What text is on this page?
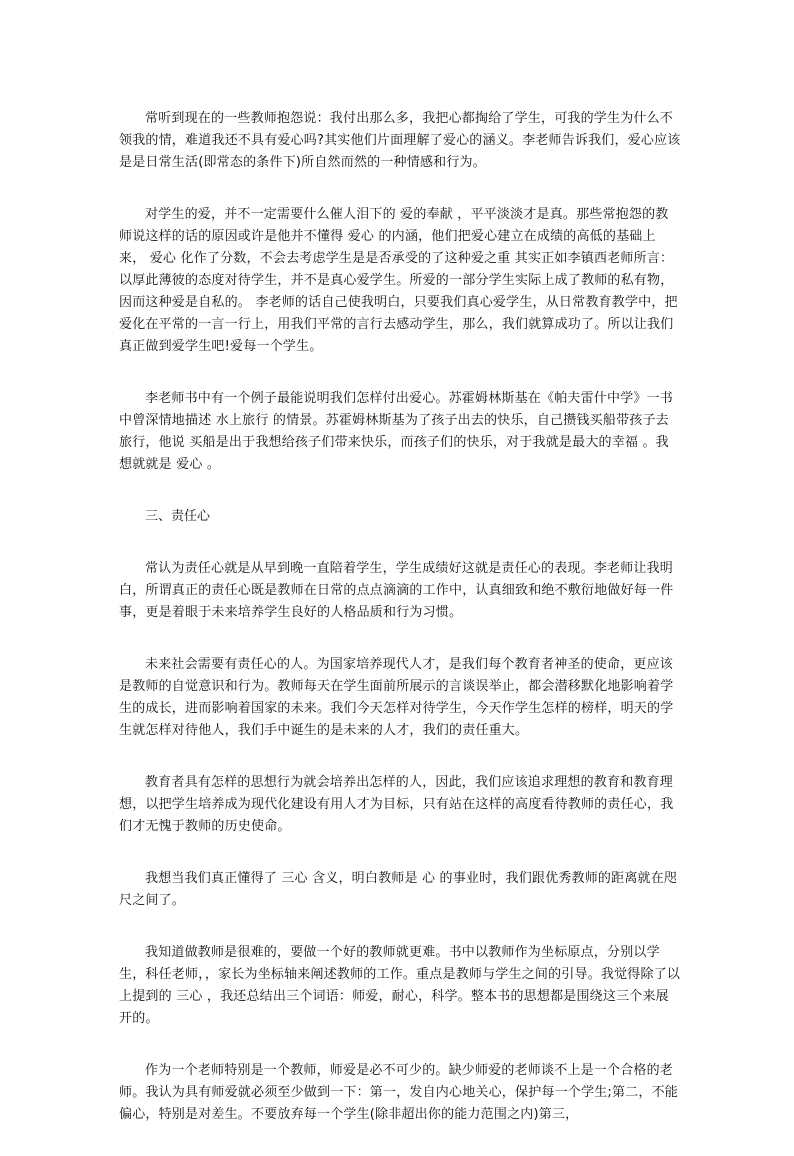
常听到现在的一些教师抱怨说：我付出那么多，我把心都掏给了学生，可我的学生为什么不领我的情，难道我还不具有爱心吗?其实他们片面理解了爱心的涵义。李老师告诉我们，爱心应该是是日常生活(即常态的条件下)所自然而然的一种情感和行为。

对学生的爱，并不一定需要什么催人泪下的 爱的奉献 ，平平淡淡才是真。那些常抱怨的教师说这样的话的原因或许是他并不懂得 爱心 的内涵，他们把爱心建立在成绩的高低的基础上来， 爱心 化作了分数，不会去考虑学生是是否承受的了这种爱之重 其实正如李镇西老师所言： 以厚此薄彼的态度对待学生，并不是真心爱学生。所爱的一部分学生实际上成了教师的私有物，因而这种爱是自私的。 李老师的话自己使我明白，只要我们真心爱学生，从日常教育教学中，把爱化在平常的一言一行上，用我们平常的言行去感动学生，那么，我们就算成功了。所以让我们真正做到爱学生吧!爱每一个学生。

李老师书中有一个例子最能说明我们怎样付出爱心。苏霍姆林斯基在《帕夫雷什中学》一书中曾深情地描述 水上旅行 的情景。苏霍姆林斯基为了孩子出去的快乐，自己攒钱买船带孩子去旅行，他说 买船是出于我想给孩子们带来快乐，而孩子们的快乐，对于我就是最大的幸福 。我想就就是 爱心 。

三、责任心

常认为责任心就是从早到晚一直陪着学生，学生成绩好这就是责任心的表现。李老师让我明白，所谓真正的责任心既是教师在日常的点点滴滴的工作中，认真细致和绝不敷衍地做好每一件事，更是着眼于未来培养学生良好的人格品质和行为习惯。

未来社会需要有责任心的人。为国家培养现代人才，是我们每个教育者神圣的使命，更应该是教师的自觉意识和行为。教师每天在学生面前所展示的言谈误举止，都会潜移默化地影响着学生的成长，进而影响着国家的未来。我们今天怎样对待学生，今天作学生怎样的榜样，明天的学生就怎样对待他人，我们手中诞生的是未来的人才，我们的责任重大。

教育者具有怎样的思想行为就会培养出怎样的人，因此，我们应该追求理想的教育和教育理想，以把学生培养成为现代化建设有用人才为目标，只有站在这样的高度看待教师的责任心，我们才无愧于教师的历史使命。

我想当我们真正懂得了 三心 含义，明白教师是 心 的事业时，我们跟优秀教师的距离就在咫尺之间了。

我知道做教师是很难的，要做一个好的教师就更难。书中以教师作为坐标原点，分别以学生，科任老师，，家长为坐标轴来阐述教师的工作。重点是教师与学生之间的引导。我觉得除了以上提到的 三心 ，我还总结出三个词语：师爱，耐心，科学。整本书的思想都是围绕这三个来展开的。

作为一个老师特别是一个教师，师爱是必不可少的。缺少师爱的老师谈不上是一个合格的老师。我认为具有师爱就必须至少做到一下：第一，发自内心地关心，保护每一个学生;第二，不能偏心，特别是对差生。不要放弃每一个学生(除非超出你的能力范围之内)第三，
